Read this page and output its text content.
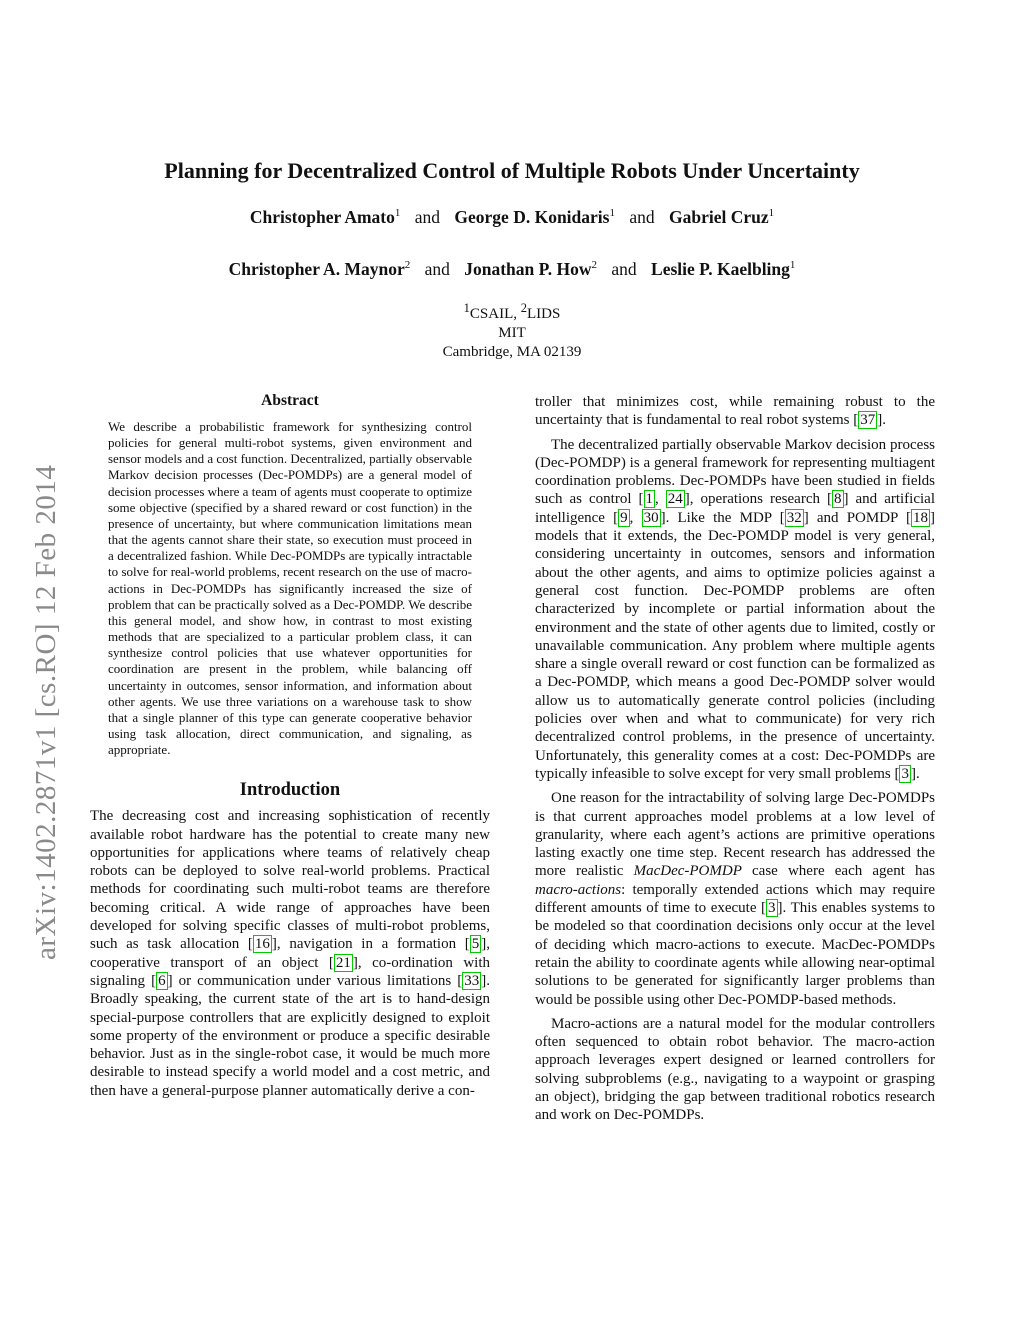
arXiv:1402.2871v1 [cs.RO] 12 Feb 2014
Planning for Decentralized Control of Multiple Robots Under Uncertainty
Christopher Amato$^1$ and George D. Konidaris$^1$ and Gabriel Cruz$^1$
Christopher A. Maynor$^2$ and Jonathan P. How$^2$ and Leslie P. Kaelbling$^1$
$^1$CSAIL, $^2$LIDS
MIT
Cambridge, MA 02139
Abstract
We describe a probabilistic framework for synthesizing control policies for general multi-robot systems, given environment and sensor models and a cost function. Decentralized, partially observable Markov decision processes (Dec-POMDPs) are a general model of decision processes where a team of agents must cooperate to optimize some objective (specified by a shared reward or cost function) in the presence of uncertainty, but where communication limitations mean that the agents cannot share their state, so execution must proceed in a decentralized fashion. While Dec-POMDPs are typically intractable to solve for real-world problems, recent research on the use of macro-actions in Dec-POMDPs has significantly increased the size of problem that can be practically solved as a Dec-POMDP. We describe this general model, and show how, in contrast to most existing methods that are specialized to a particular problem class, it can synthesize control policies that use whatever opportunities for coordination are present in the problem, while balancing off uncertainty in outcomes, sensor information, and information about other agents. We use three variations on a warehouse task to show that a single planner of this type can generate cooperative behavior using task allocation, direct communication, and signaling, as appropriate.
Introduction

The decreasing cost and increasing sophistication of recently available robot hardware has the potential to create many new opportunities for applications where teams of relatively cheap robots can be deployed to solve real-world problems. Practical methods for coordinating such multi-robot teams are therefore becoming critical. A wide range of approaches have been developed for solving specific classes of multi-robot problems, such as task allocation [ 16 ], navigation in a formation [ 5 ], cooperative transport of an object [ 21 ], co-ordination with signaling [ 6 ] or communication under various limitations [ 33 ]. Broadly speaking, the current state of the art is to hand-design special-purpose controllers that are explicitly designed to exploit some property of the environment or produce a specific desirable behavior. Just as in the single-robot case, it would be much more desirable to instead specify a world model and a cost metric, and then have a general-purpose planner automatically derive a con-

troller that minimizes cost, while remaining robust to the uncertainty that is fundamental to real robot systems [ 37 ].

The decentralized partially observable Markov decision process (Dec-POMDP) is a general framework for representing multiagent coordination problems. Dec-POMDPs have been studied in fields such as control [ 1 , 24 ], operations research [ 8 ] and artificial intelligence [ 9 , 30 ]. Like the MDP [ 32 ] and POMDP [ 18 ] models that it extends, the Dec-POMDP model is very general, considering uncertainty in outcomes, sensors and information about the other agents, and aims to optimize policies against a general cost function. Dec-POMDP problems are often characterized by incomplete or partial information about the environment and the state of other agents due to limited, costly or unavailable communication. Any problem where multiple agents share a single overall reward or cost function can be formalized as a Dec-POMDP, which means a good Dec-POMDP solver would allow us to automatically generate control policies (including policies over when and what to communicate) for very rich decentralized control problems, in the presence of uncertainty. Unfortunately, this generality comes at a cost: Dec-POMDPs are typically infeasible to solve except for very small problems [ 3 ].

One reason for the intractability of solving large Dec-POMDPs is that current approaches model problems at a low level of granularity, where each agent’s actions are primitive operations lasting exactly one time step. Recent research has addressed the more realistic MacDec-POMDP case where each agent has macro-actions: temporally extended actions which may require different amounts of time to execute [ 3 ]. This enables systems to be modeled so that coordination decisions only occur at the level of deciding which macro-actions to execute. MacDec-POMDPs retain the ability to coordinate agents while allowing near-optimal solutions to be generated for significantly larger problems than would be possible using other Dec-POMDP-based methods.

Macro-actions are a natural model for the modular controllers often sequenced to obtain robot behavior. The macro-action approach leverages expert designed or learned controllers for solving subproblems (e.g., navigating to a waypoint or grasping an object), bridging the gap between traditional robotics research and work on Dec-POMDPs.
